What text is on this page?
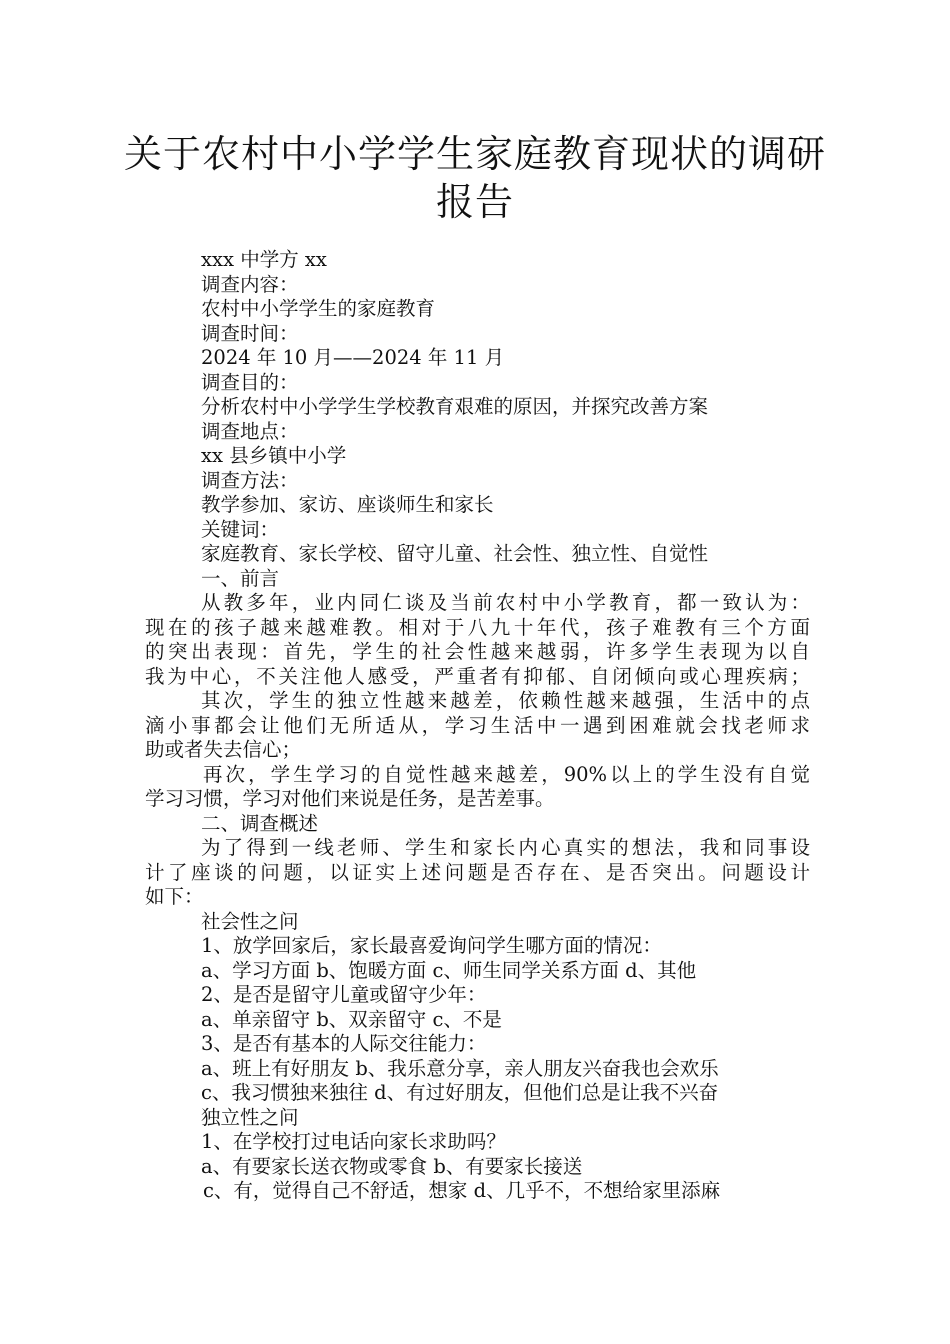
关于农村中小学学生家庭教育现状的调研
报告
xxx 中学方 xx
调查内容：
农村中小学学生的家庭教育
调查时间：
2024 年 10 月——2024 年 11 月
调查目的：
分析农村中小学学生学校教育艰难的原因，并探究改善方案
调查地点：
xx 县乡镇中小学
调查方法：
教学参加、家访、座谈师生和家长
关键词：
家庭教育、家长学校、留守儿童、社会性、独立性、自觉性
一、前言
从教多年，业内同仁谈及当前农村中小学教育，都一致认为：
现在的孩子越来越难教。相对于八九十年代，孩子难教有三个方面
的突出表现：首先，学生的社会性越来越弱，许多学生表现为以自
我为中心，不关注他人感受，严重者有抑郁、自闭倾向或心理疾病；
其次，学生的独立性越来越差，依赖性越来越强，生活中的点
滴小事都会让他们无所适从，学习生活中一遇到困难就会找老师求
助或者失去信心；
再次，学生学习的自觉性越来越差，90%以上的学生没有自觉
学习习惯，学习对他们来说是任务，是苦差事。
二、调查概述
为了得到一线老师、学生和家长内心真实的想法，我和同事设
计了座谈的问题，以证实上述问题是否存在、是否突出。问题设计
如下：
社会性之问
1、放学回家后，家长最喜爱询问学生哪方面的情况：
a、学习方面 b、饱暖方面 c、师生同学关系方面 d、其他
2、是否是留守儿童或留守少年：
a、单亲留守 b、双亲留守 c、不是
3、是否有基本的人际交往能力：
a、班上有好朋友 b、我乐意分享，亲人朋友兴奋我也会欢乐
c、我习惯独来独往 d、有过好朋友，但他们总是让我不兴奋
独立性之问
1、在学校打过电话向家长求助吗？
a、有要家长送衣物或零食 b、有要家长接送
c、有，觉得自己不舒适，想家 d、几乎不，不想给家里添麻
